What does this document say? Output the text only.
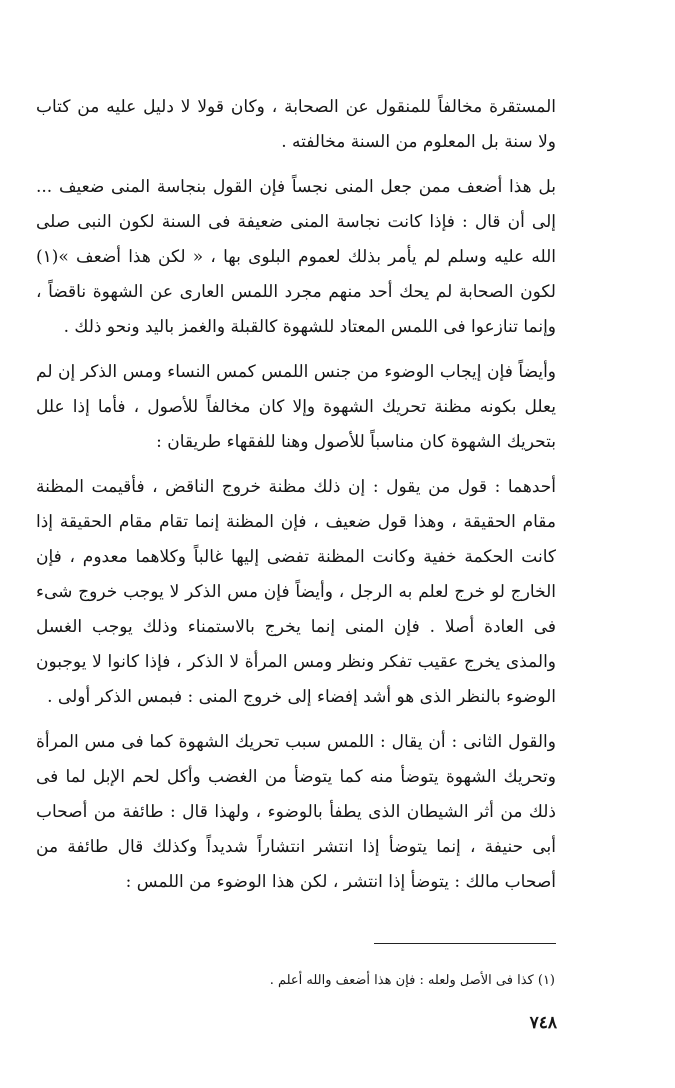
المستقرة مخالفاً للمنقول عن الصحابة ، وكان قولا لا دليل عليه من كتاب ولا سنة بل المعلوم من السنة مخالفته .

بل هذا أضعف ممن جعل المنى نجساً فإن القول بنجاسة المنى ضعيف ... إلى أن قال : فإذا كانت نجاسة المنى ضعيفة فى السنة لكون النبى صلى الله عليه وسلم لم يأمر بذلك لعموم البلوى بها ، « لكن هذا أضعف »(١) لكون الصحابة لم يحك أحد منهم مجرد اللمس العارى عن الشهوة ناقضاً ، وإنما تنازعوا فى اللمس المعتاد للشهوة كالقبلة والغمز باليد ونحو ذلك .

وأيضاً فإن إيجاب الوضوء من جنس اللمس كمس النساء ومس الذكر إن لم يعلل بكونه مظنة تحريك الشهوة وإلا كان مخالفاً للأصول ، فأما إذا علل بتحريك الشهوة كان مناسباً للأصول وهنا للفقهاء طريقان :

أحدهما : قول من يقول : إن ذلك مظنة خروج الناقض ، فأقيمت المظنة مقام الحقيقة ، وهذا قول ضعيف ، فإن المظنة إنما تقام مقام الحقيقة إذا كانت الحكمة خفية وكانت المظنة تفضى إليها غالباً وكلاهما معدوم ، فإن الخارج لو خرج لعلم به الرجل ، وأيضاً فإن مس الذكر لا يوجب خروج شىء فى العادة أصلا . فإن المنى إنما يخرج بالاستمناء وذلك يوجب الغسل والمذى يخرج عقيب تفكر ونظر ومس المرأة لا الذكر ، فإذا كانوا لا يوجبون الوضوء بالنظر الذى هو أشد إفضاء إلى خروج المنى : فبمس الذكر أولى .

والقول الثانى : أن يقال : اللمس سبب تحريك الشهوة كما فى مس المرأة وتحريك الشهوة يتوضأ منه كما يتوضأ من الغضب وأكل لحم الإبل لما فى ذلك من أثر الشيطان الذى يطفأ بالوضوء ، ولهذا قال : طائفة من أصحاب أبى حنيفة ، إنما يتوضأ إذا انتشر انتشاراً شديداً وكذلك قال طائفة من أصحاب مالك : يتوضأ إذا انتشر ، لكن هذا الوضوء من اللمس :

(١) كذا فى الأصل ولعله : فإن هذا أضعف والله أعلم .
٧٤٨
